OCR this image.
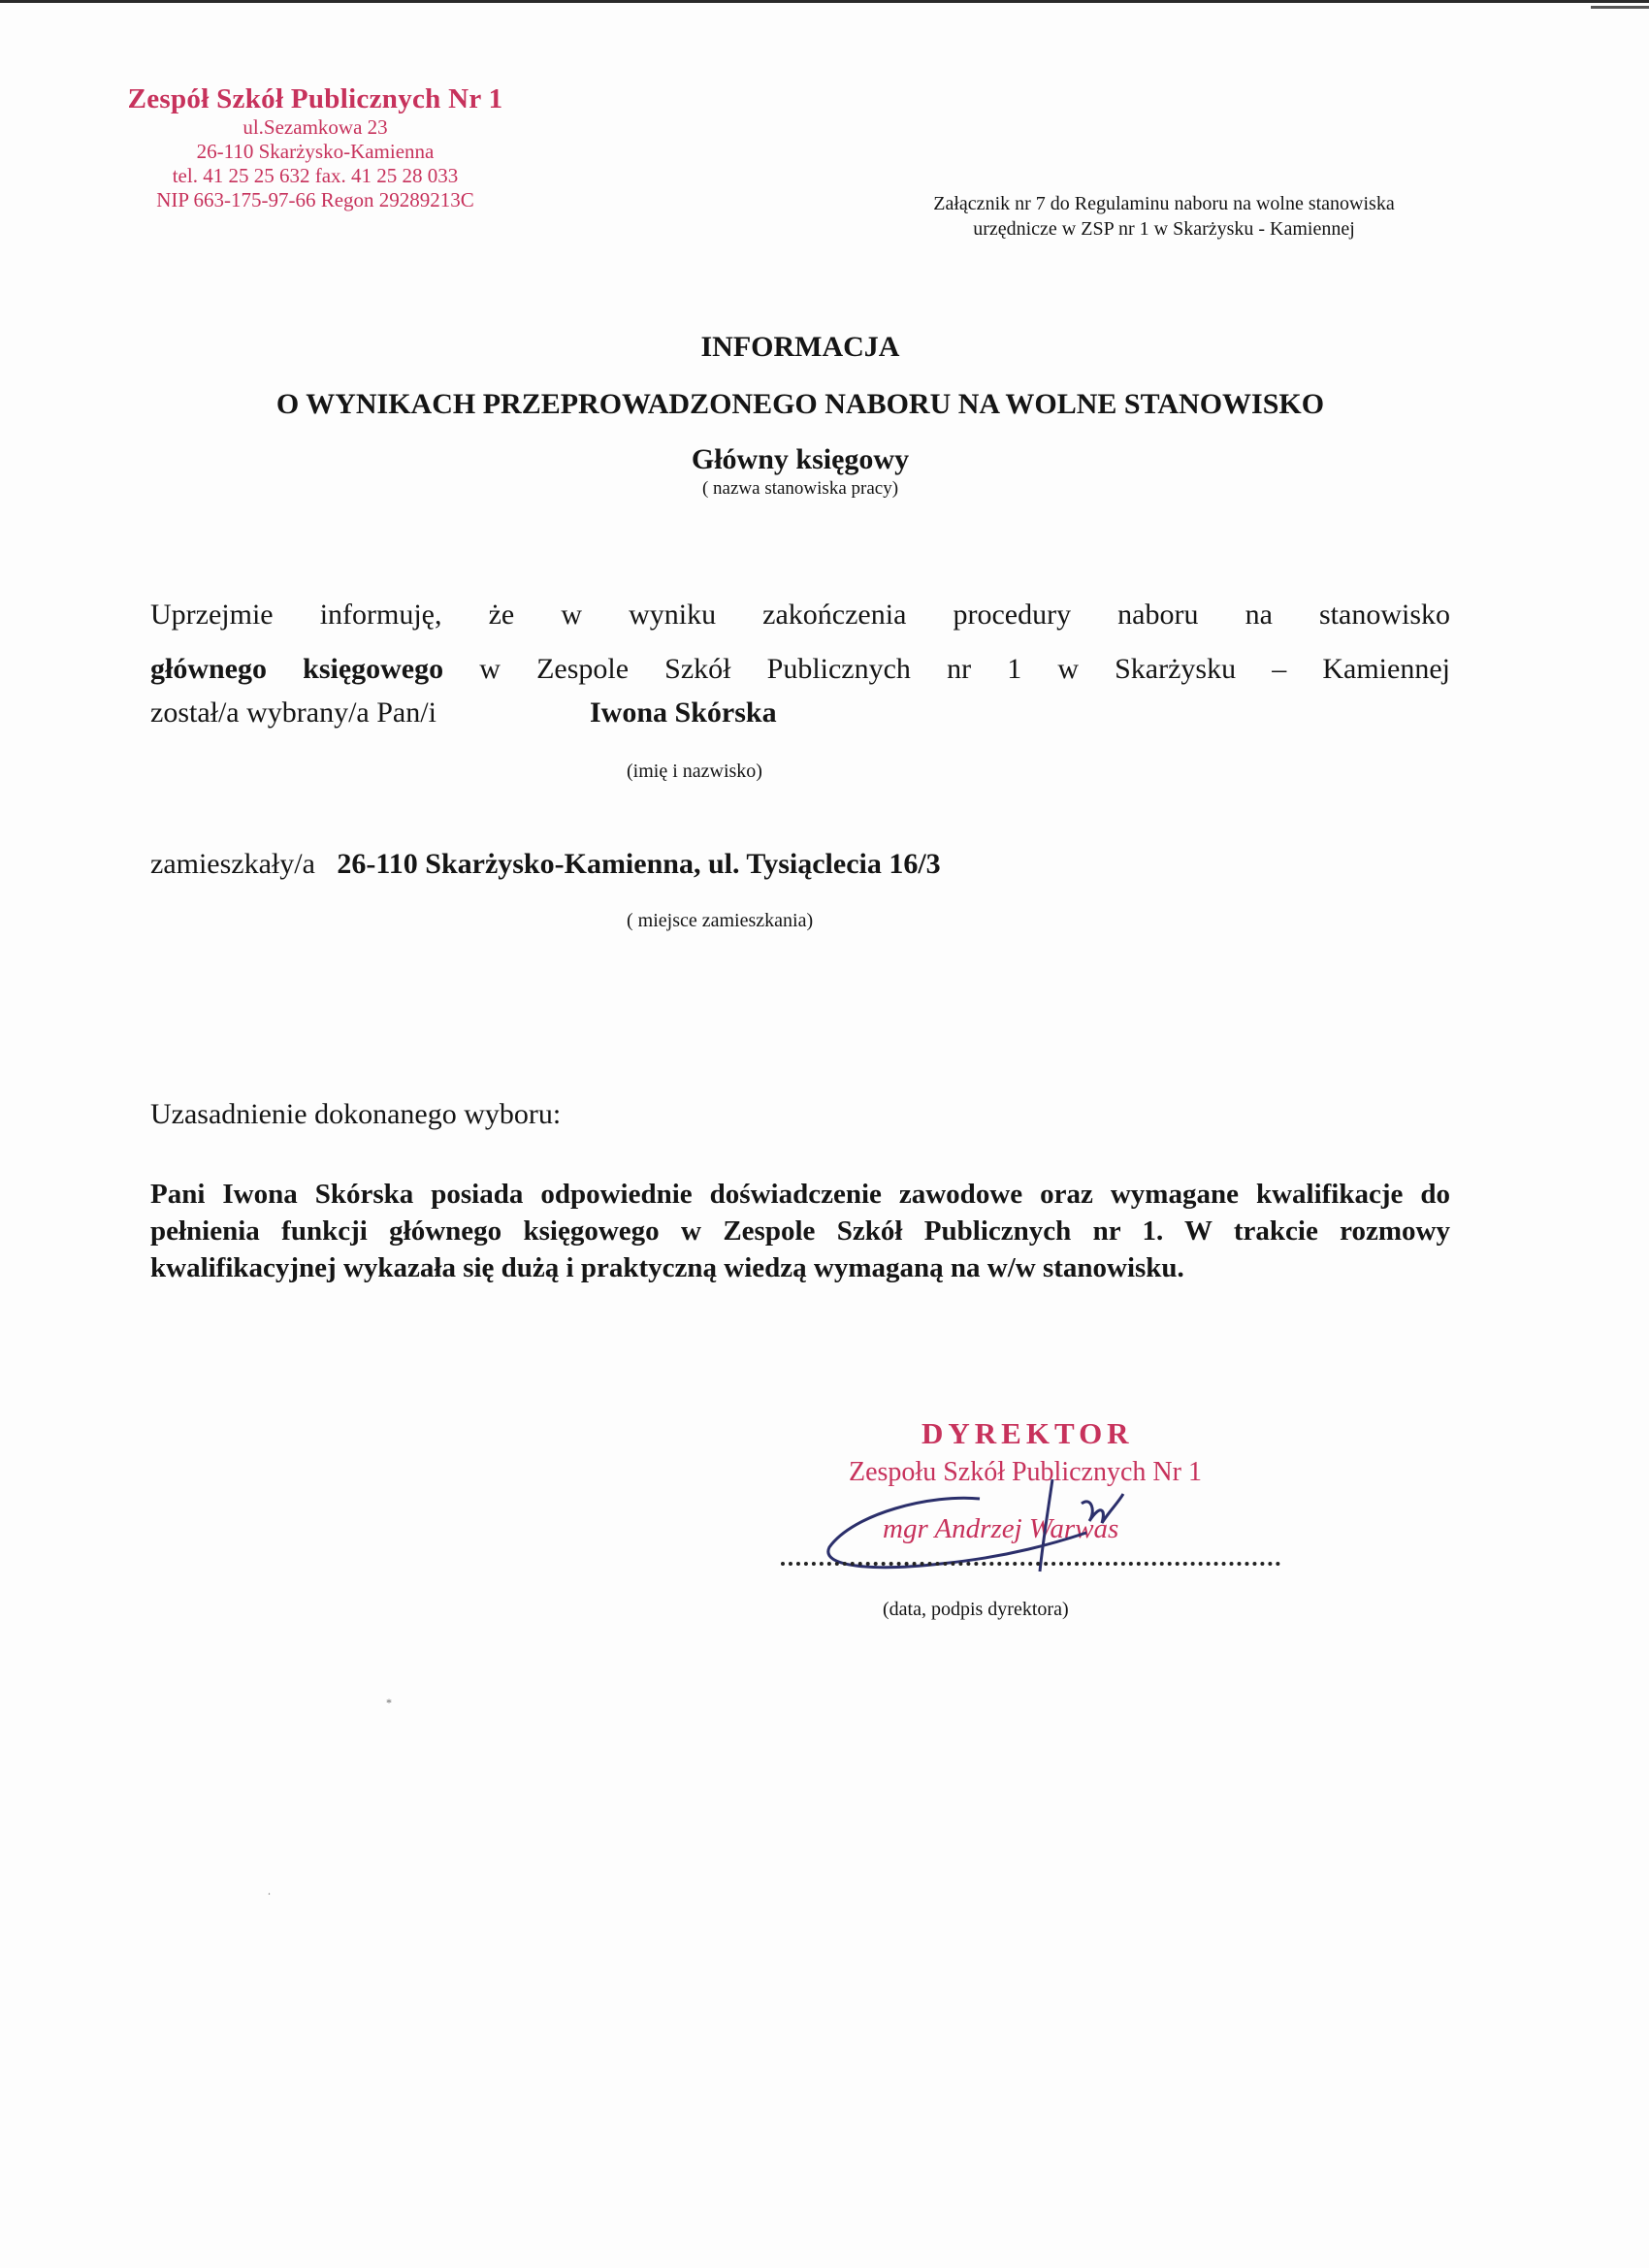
Zespół Szkół Publicznych Nr 1
ul.Sezamkowa 23
26-110 Skarżysko-Kamienna
tel. 41 25 25 632 fax. 41 25 28 033
NIP 663-175-97-66 Regon 29289213C	Załącznik nr 7 do Regulaminu naboru na wolne stanowiska
urzędnicze w ZSP nr 1 w Skarżysku - Kamiennej
INFORMACJA
O WYNIKACH PRZEPROWADZONEGO NABORU NA WOLNE STANOWISKO
Główny księgowy
( nazwa stanowiska pracy)
Uprzejmie informuję, że w wyniku zakończenia procedury naboru na stanowisko
głównego księgowego w Zespole Szkół Publicznych nr 1 w Skarżysku – Kamiennej
został/a wybrany/a Pan/i	Iwona Skórska
(imię i nazwisko)
zamieszkały/a 26-110 Skarżysko-Kamienna, ul. Tysiąclecia 16/3
( miejsce zamieszkania)
Uzasadnienie dokonanego wyboru:
Pani Iwona Skórska posiada odpowiednie doświadczenie zawodowe oraz wymagane kwalifikacje do pełnienia funkcji głównego księgowego w Zespole Szkół Publicznych nr 1. W trakcie rozmowy kwalifikacyjnej wykazała się dużą i praktyczną wiedzą wymaganą na w/w stanowisku.
DYREKTOR
Zespołu Szkół Publicznych Nr 1
mgr Andrzej Warwas
(data, podpis dyrektora)
*
.
